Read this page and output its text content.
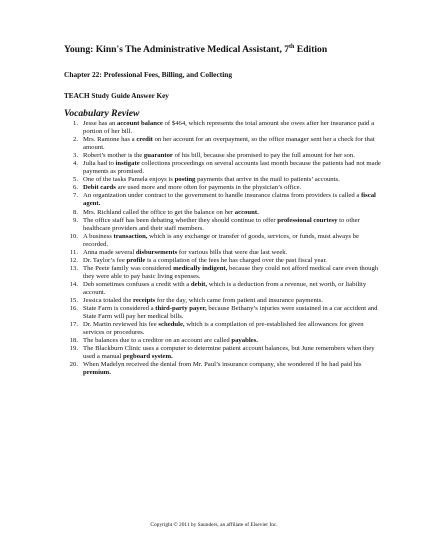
Young: Kinn's The Administrative Medical Assistant, 7th Edition
Chapter 22: Professional Fees, Billing, and Collecting
TEACH Study Guide Answer Key
Vocabulary Review
1. Jesse has an account balance of $464, which represents the total amount she owes after her insurance paid a portion of her bill.
2. Mrs. Ramone has a credit on her account for an overpayment, so the office manager sent her a check for that amount.
3. Robert’s mother is the guarantor of his bill, because she promised to pay the full amount for her son.
4. Julia had to instigate collections proceedings on several accounts last month because the patients had not made payments as promised.
5. One of the tasks Pamela enjoys is posting payments that arrive in the mail to patients’ accounts.
6. Debit cards are used more and more often for payments in the physician’s office.
7. An organization under contract to the government to handle insurance claims from providers is called a fiscal agent.
8. Mrs. Richland called the office to get the balance on her account.
9. The office staff has been debating whether they should continue to offer professional courtesy to other healthcare providers and their staff members.
10. A business transaction, which is any exchange or transfer of goods, services, or funds, must always be recorded.
11. Anna made several disbursements for various bills that were due last week.
12. Dr. Taylor’s fee profile is a compilation of the fees he has charged over the past fiscal year.
13. The Peete family was considered medically indigent, because they could not afford medical care even though they were able to pay basic living expenses.
14. Deb sometimes confuses a credit with a debit, which is a deduction from a revenue, net worth, or liability account.
15. Jessica totaled the receipts for the day, which came from patient and insurance payments.
16. State Farm is considered a third-party payer, because Bethany’s injuries were sustained in a car accident and State Farm will pay her medical bills.
17. Dr. Martin reviewed his fee schedule, which is a compilation of pre-established fee allowances for given services or procedures.
18. The balances due to a creditor on an account are called payables.
19. The Blackburn Clinic uses a computer to determine patient account balances, but June remembers when they used a manual pegboard system.
20. When Madelyn received the denial from Mr. Paul’s insurance company, she wondered if he had paid his premium.
Copyright © 2011 by Saunders, an affiliate of Elsevier Inc.
